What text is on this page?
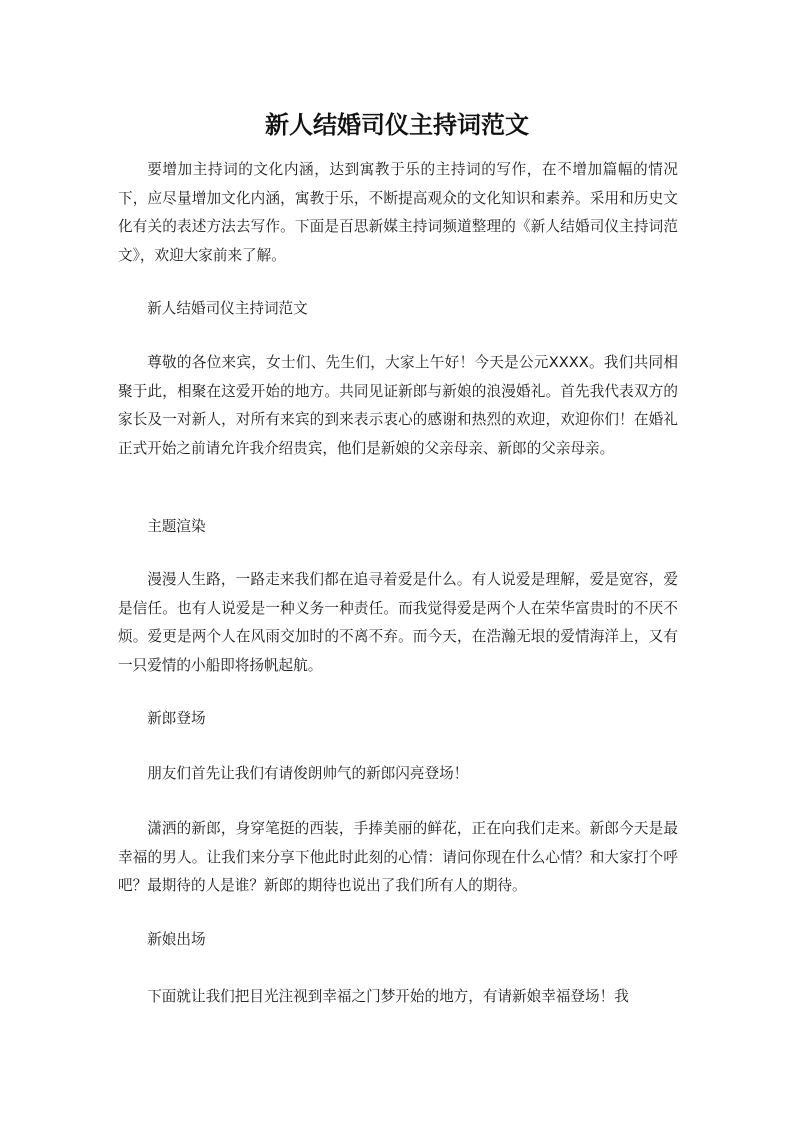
新人结婚司仪主持词范文

要增加主持词的文化内涵，达到寓教于乐的主持词的写作，在不增加篇幅的情况下，应尽量增加文化内涵，寓教于乐，不断提高观众的文化知识和素养。采用和历史文化有关的表述方法去写作。下面是百思新媒主持词频道整理的《新人结婚司仪主持词范文》，欢迎大家前来了解。

新人结婚司仪主持词范文

尊敬的各位来宾，女士们、先生们，大家上午好！今天是公元XXXX。我们共同相聚于此，相聚在这爱开始的地方。共同见证新郎与新娘的浪漫婚礼。首先我代表双方的家长及一对新人，对所有来宾的到来表示衷心的感谢和热烈的欢迎，欢迎你们！在婚礼正式开始之前请允许我介绍贵宾，他们是新娘的父亲母亲、新郎的父亲母亲。

主题渲染

漫漫人生路，一路走来我们都在追寻着爱是什么。有人说爱是理解，爱是宽容，爱是信任。也有人说爱是一种义务一种责任。而我觉得爱是两个人在荣华富贵时的不厌不烦。爱更是两个人在风雨交加时的不离不弃。而今天，在浩瀚无垠的爱情海洋上，又有一只爱情的小船即将扬帆起航。

新郎登场

朋友们首先让我们有请俊朗帅气的新郎闪亮登场！

潇洒的新郎，身穿笔挺的西装，手捧美丽的鲜花，正在向我们走来。新郎今天是最幸福的男人。让我们来分享下他此时此刻的心情：请问你现在什么心情？和大家打个呼吧？最期待的人是谁？新郎的期待也说出了我们所有人的期待。

新娘出场

下面就让我们把目光注视到幸福之门梦开始的地方，有请新娘幸福登场！我
